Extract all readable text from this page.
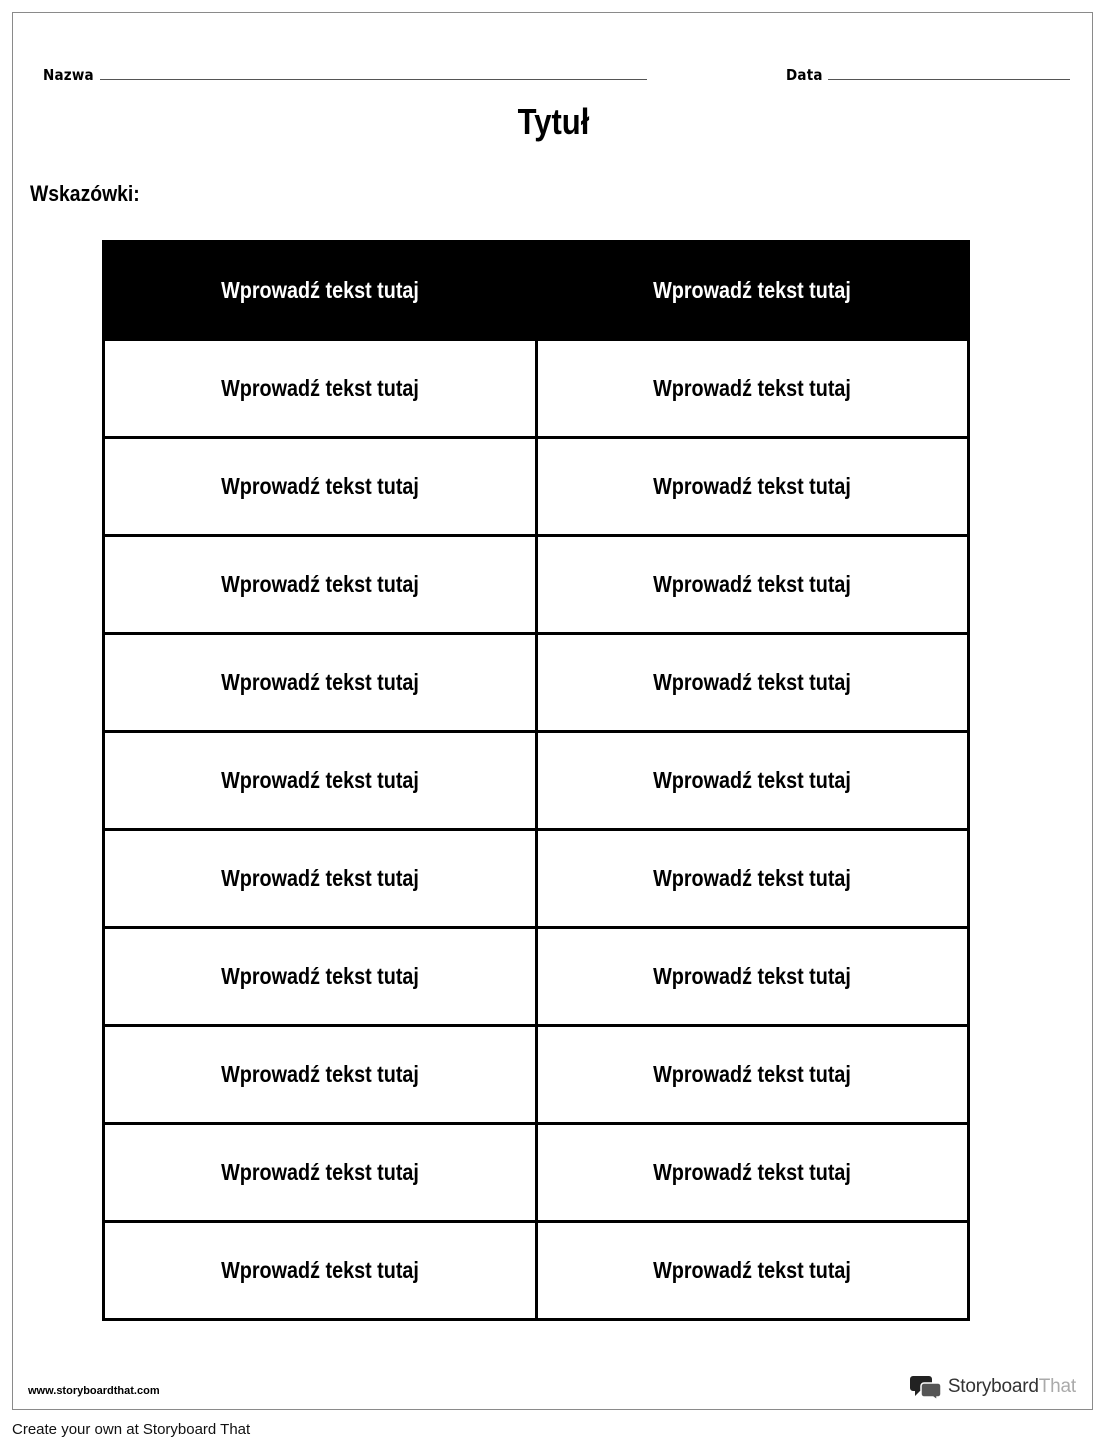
Nazwa	Data
Tytuł
Wskazówki:
Wprowadź tekst tutaj	Wprowadź tekst tutaj
Wprowadź tekst tutaj	Wprowadź tekst tutaj
Wprowadź tekst tutaj	Wprowadź tekst tutaj
Wprowadź tekst tutaj	Wprowadź tekst tutaj
Wprowadź tekst tutaj	Wprowadź tekst tutaj
Wprowadź tekst tutaj	Wprowadź tekst tutaj
Wprowadź tekst tutaj	Wprowadź tekst tutaj
Wprowadź tekst tutaj	Wprowadź tekst tutaj
Wprowadź tekst tutaj	Wprowadź tekst tutaj
Wprowadź tekst tutaj	Wprowadź tekst tutaj
Wprowadź tekst tutaj	Wprowadź tekst tutaj
www.storyboardthat.com	StoryboardThat
Create your own at Storyboard That
